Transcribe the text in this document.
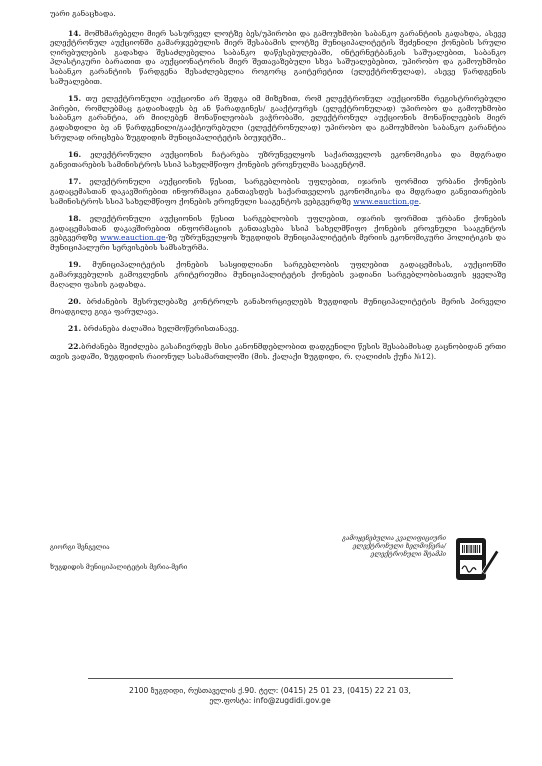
უარი განაცხადა.

14. მომხმარებელი მიერ სასურველ ლოტზე ბეს/უპირობი და გამოუხმობი საბანკო გარანტიის გადახდა, ასევე ელექტრონულ აუქციონში გამარჯვებულის მიერ შესაბამის ლოტზე მუნიციპალიტეტის შეძენილი ქონების სრული ღირებულების გადახდა შესაძლებელია საბანკო დაწესებულებაში, ინტერნეტბანკის საშუალებით, საბანკო პლასტიკური ბარათით და აუქციონატორის მიერ შეთავაზებული სხვა საშუალებებით, უპირობო და გამოუხმობი საბანკო გარანტიის წარდგენა შესაძლებელია როგორც გაიტერეტით (ელექტრონულად), ასევე წარდგენის საშუალებით.

15. თუ ელექტრონული აუქციონი არ შედგა იმ მიზეზით, რომ ელექტრონულ აუქციონში რეგისტრირებული პირები, რომლებმაც გადაიხადეს ბე ან წარადგინეს/ გააქტიურეს (ელექტრონულად) უპირობო და გამოუხმობი საბანკო გარანტია, არ მიიღებენ მონაწილეობას ვაჭრობაში, ელექტრონულ აუქციონის მონაწილეების მიერ გადახდილი ბე ან წარდგენილი/გააქტიურებული (ელექტრონულად) უპირობო და გამოუხმობი საბანკო გარანტია სრულად ირიცხება ზუგდიდის მუნიციპალიტეტის ბიუჯეტში..

16. ელექტრონული აუქციონის ჩატარება უზრუნველყოს საქართველოს ეკონომიკისა და მდგრადი განვითარების სამინისტროს სსიპ სახელმწიფო ქონების ეროვნულმა სააგენტომ.

17. ელექტრონული აუქციონის წესით, სარგებლობის უფლებით, იჯარის ფორმით ურბანი ქონების გადაცემასთან დაკავშირებით ინფორმაცია განთავსდეს საქართველოს ეკონომიკისა და მდგრადი განვითარების სამინისტროს სსიპ სახელმწიფო ქონების ეროვნული სააგენტოს ვებგვერდზე www.eauction.ge.

18. ელექტრონული აუქციონის წესით სარგებლობის უფლებით, იჯარის ფორმით ურბანი ქონების გადაცემასთან დაკავშირებით ინფორმაციის განთავსება სსიპ სახელმწიფო ქონების ეროვნული სააგენტოს ვებგვერდზე www.eauction.ge-ზე უზრუნველყოს ზუგდიდის მუნიციპალიტეტის მერიის ეკონომიკური პოლიტიკის და მუნიციპალური სერვისების სამსახურმა.

19. მუნიციპალიტეტის ქონების სასყიდლიანი სარგებლობის უფლებით გადაცემისას, აუქციონში გამარჯვებულის გამოვლენის კრიტერიუმია მუნიციპალიტეტის ქონების ვადიანი სარგებლობისათვის ყველაზე მაღალი ფასის გადახდა.

20. ბრძანების შესრულებაზე კონტროლს განახორციელებს ზუგდიდის მუნიციპალიტეტის მერის პირველი მოადგილე გიგა ფარულავა.

21. ბრძანება ძალაშია ხელმოწერისთანავე.

22.ბრძანება შეიძლება გასაჩივრდეს მისი კანონმდებლობით დადგენილი წესის შესაბამისად გაცნობიდან ერთი თვის ვადაში, ზუგდიდის რაიონულ სასამართლოში (მის. ქალაქი ზუგდიდი, რ. ღალიძის ქუჩა №12).

გიორგი შენგელია
ზუგდიდის მუნიციპალიტეტის მერია-მერი
გამოყენებულია კვალიფიციური
ელექტრონული ხელმოწერა/
ელექტრონული შტამპი
2100 ზუგდიდი, რუსთაველის ქ.90. ტელ: (0415) 25 01 23, (0415) 22 21 03,
ელ.ფოსტა: info@zugdidi.gov.ge
